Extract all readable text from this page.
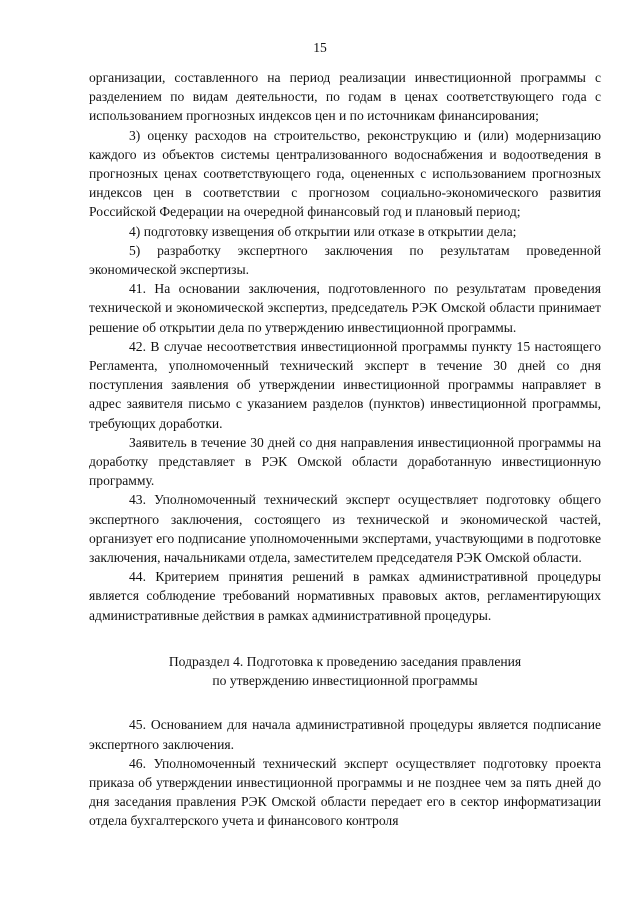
15

организации, составленного на период реализации инвестиционной программы с разделением по видам деятельности, по годам в ценах соответствующего года с использованием прогнозных индексов цен и по источникам финансирования;

3) оценку расходов на строительство, реконструкцию и (или) модернизацию каждого из объектов системы централизованного водоснабжения и водоотведения в прогнозных ценах соответствующего года, оцененных с использованием прогнозных индексов цен в соответствии с прогнозом социально-экономического развития Российской Федерации на очередной финансовый год и плановый период;

4) подготовку извещения об открытии или отказе в открытии дела;

5) разработку экспертного заключения по результатам проведенной экономической экспертизы.

41. На основании заключения, подготовленного по результатам проведения технической и экономической экспертиз, председатель РЭК Омской области принимает решение об открытии дела по утверждению инвестиционной программы.

42. В случае несоответствия инвестиционной программы пункту 15 настоящего Регламента, уполномоченный технический эксперт в течение 30 дней со дня поступления заявления об утверждении инвестиционной программы направляет в адрес заявителя письмо с указанием разделов (пунктов) инвестиционной программы, требующих доработки.

Заявитель в течение 30 дней со дня направления инвестиционной программы на доработку представляет в РЭК Омской области доработанную инвестиционную программу.

43. Уполномоченный технический эксперт осуществляет подготовку общего экспертного заключения, состоящего из технической и экономической частей, организует его подписание уполномоченными экспертами, участвующими в подготовке заключения, начальниками отдела, заместителем председателя РЭК Омской области.

44. Критерием принятия решений в рамках административной процедуры является соблюдение требований нормативных правовых актов, регламентирующих административные действия в рамках административной процедуры.

Подраздел 4. Подготовка к проведению заседания правления

по утверждению инвестиционной программы

45. Основанием для начала административной процедуры является подписание экспертного заключения.

46. Уполномоченный технический эксперт осуществляет подготовку проекта приказа об утверждении инвестиционной программы и не позднее чем за пять дней до дня заседания правления РЭК Омской области передает его в сектор информатизации отдела бухгалтерского учета и финансового контроля
